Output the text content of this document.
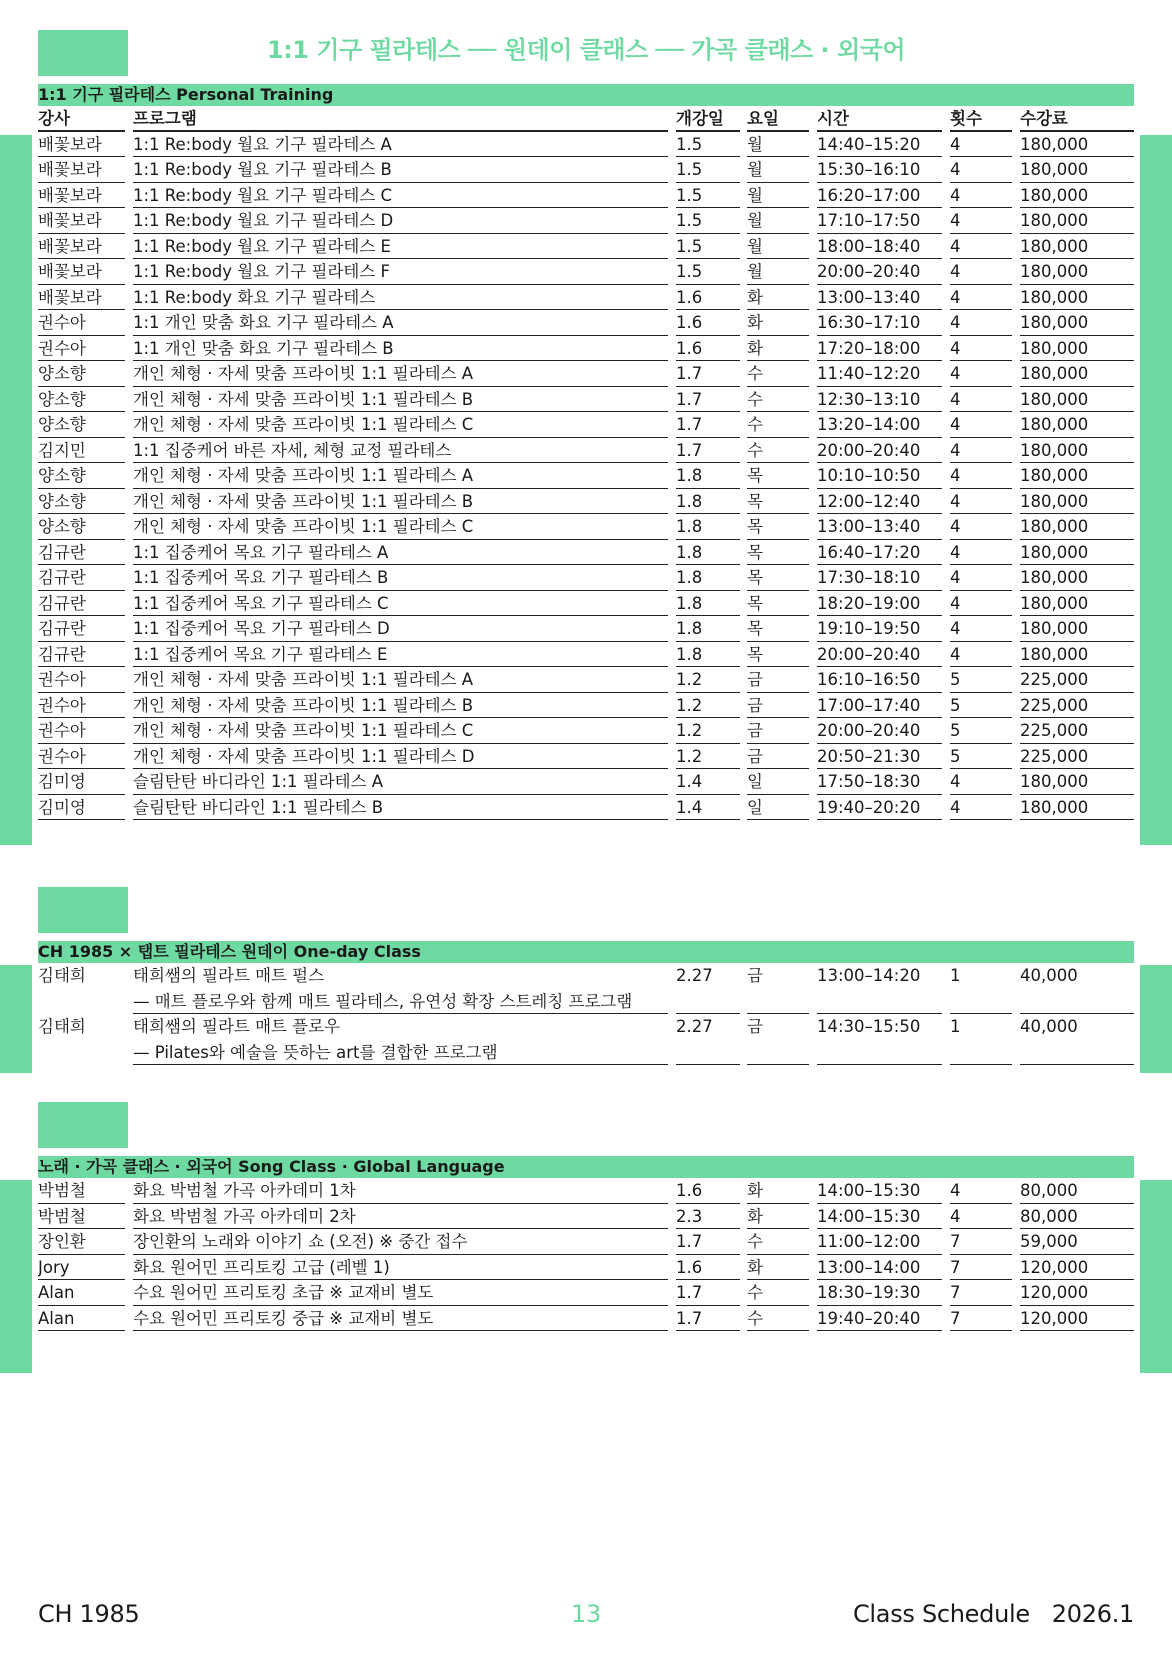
1:1 기구 필라테스 ── 원데이 클래스 ── 가곡 클래스 · 외국어
1:1 기구 필라테스 Personal Training
강사	프로그램	개강일	요일	시간	횟수	수강료
배꽃보라	1:1 Re:body 월요 기구 필라테스 A	1.5	월	14:40–15:20	4	180,000
배꽃보라	1:1 Re:body 월요 기구 필라테스 B	1.5	월	15:30–16:10	4	180,000
배꽃보라	1:1 Re:body 월요 기구 필라테스 C	1.5	월	16:20–17:00	4	180,000
배꽃보라	1:1 Re:body 월요 기구 필라테스 D	1.5	월	17:10–17:50	4	180,000
배꽃보라	1:1 Re:body 월요 기구 필라테스 E	1.5	월	18:00–18:40	4	180,000
배꽃보라	1:1 Re:body 월요 기구 필라테스 F	1.5	월	20:00–20:40	4	180,000
배꽃보라	1:1 Re:body 화요 기구 필라테스	1.6	화	13:00–13:40	4	180,000
권수아	1:1 개인 맞춤 화요 기구 필라테스 A	1.6	화	16:30–17:10	4	180,000
권수아	1:1 개인 맞춤 화요 기구 필라테스 B	1.6	화	17:20–18:00	4	180,000
양소향	개인 체형 · 자세 맞춤 프라이빗 1:1 필라테스 A	1.7	수	11:40–12:20	4	180,000
양소향	개인 체형 · 자세 맞춤 프라이빗 1:1 필라테스 B	1.7	수	12:30–13:10	4	180,000
양소향	개인 체형 · 자세 맞춤 프라이빗 1:1 필라테스 C	1.7	수	13:20–14:00	4	180,000
김지민	1:1 집중케어 바른 자세, 체형 교정 필라테스	1.7	수	20:00–20:40	4	180,000
양소향	개인 체형 · 자세 맞춤 프라이빗 1:1 필라테스 A	1.8	목	10:10–10:50	4	180,000
양소향	개인 체형 · 자세 맞춤 프라이빗 1:1 필라테스 B	1.8	목	12:00–12:40	4	180,000
양소향	개인 체형 · 자세 맞춤 프라이빗 1:1 필라테스 C	1.8	목	13:00–13:40	4	180,000
김규란	1:1 집중케어 목요 기구 필라테스 A	1.8	목	16:40–17:20	4	180,000
김규란	1:1 집중케어 목요 기구 필라테스 B	1.8	목	17:30–18:10	4	180,000
김규란	1:1 집중케어 목요 기구 필라테스 C	1.8	목	18:20–19:00	4	180,000
김규란	1:1 집중케어 목요 기구 필라테스 D	1.8	목	19:10–19:50	4	180,000
김규란	1:1 집중케어 목요 기구 필라테스 E	1.8	목	20:00–20:40	4	180,000
권수아	개인 체형 · 자세 맞춤 프라이빗 1:1 필라테스 A	1.2	금	16:10–16:50	5	225,000
권수아	개인 체형 · 자세 맞춤 프라이빗 1:1 필라테스 B	1.2	금	17:00–17:40	5	225,000
권수아	개인 체형 · 자세 맞춤 프라이빗 1:1 필라테스 C	1.2	금	20:00–20:40	5	225,000
권수아	개인 체형 · 자세 맞춤 프라이빗 1:1 필라테스 D	1.2	금	20:50–21:30	5	225,000
김미영	슬림탄탄 바디라인 1:1 필라테스 A	1.4	일	17:50–18:30	4	180,000
김미영	슬림탄탄 바디라인 1:1 필라테스 B	1.4	일	19:40–20:20	4	180,000
CH 1985 × 탭트 필라테스 원데이 One-day Class
김태희	태희쌤의 필라트 매트 펄스	2.27	금	13:00–14:20	1	40,000
— 매트 플로우와 함께 매트 필라테스, 유연성 확장 스트레칭 프로그램
김태희	태희쌤의 필라트 매트 플로우	2.27	금	14:30–15:50	1	40,000
— Pilates와 예술을 뜻하는 art를 결합한 프로그램
노래 · 가곡 클래스 · 외국어 Song Class · Global Language
박범철	화요 박범철 가곡 아카데미 1차	1.6	화	14:00–15:30	4	80,000
박범철	화요 박범철 가곡 아카데미 2차	2.3	화	14:00–15:30	4	80,000
장인환	장인환의 노래와 이야기 쇼 (오전) ※ 중간 접수	1.7	수	11:00–12:00	7	59,000
Jory	화요 원어민 프리토킹 고급 (레벨 1)	1.6	화	13:00–14:00	7	120,000
Alan	수요 원어민 프리토킹 초급 ※ 교재비 별도	1.7	수	18:30–19:30	7	120,000
Alan	수요 원어민 프리토킹 중급 ※ 교재비 별도	1.7	수	19:40–20:40	7	120,000
CH 1985	13	Class Schedule   2026.1
